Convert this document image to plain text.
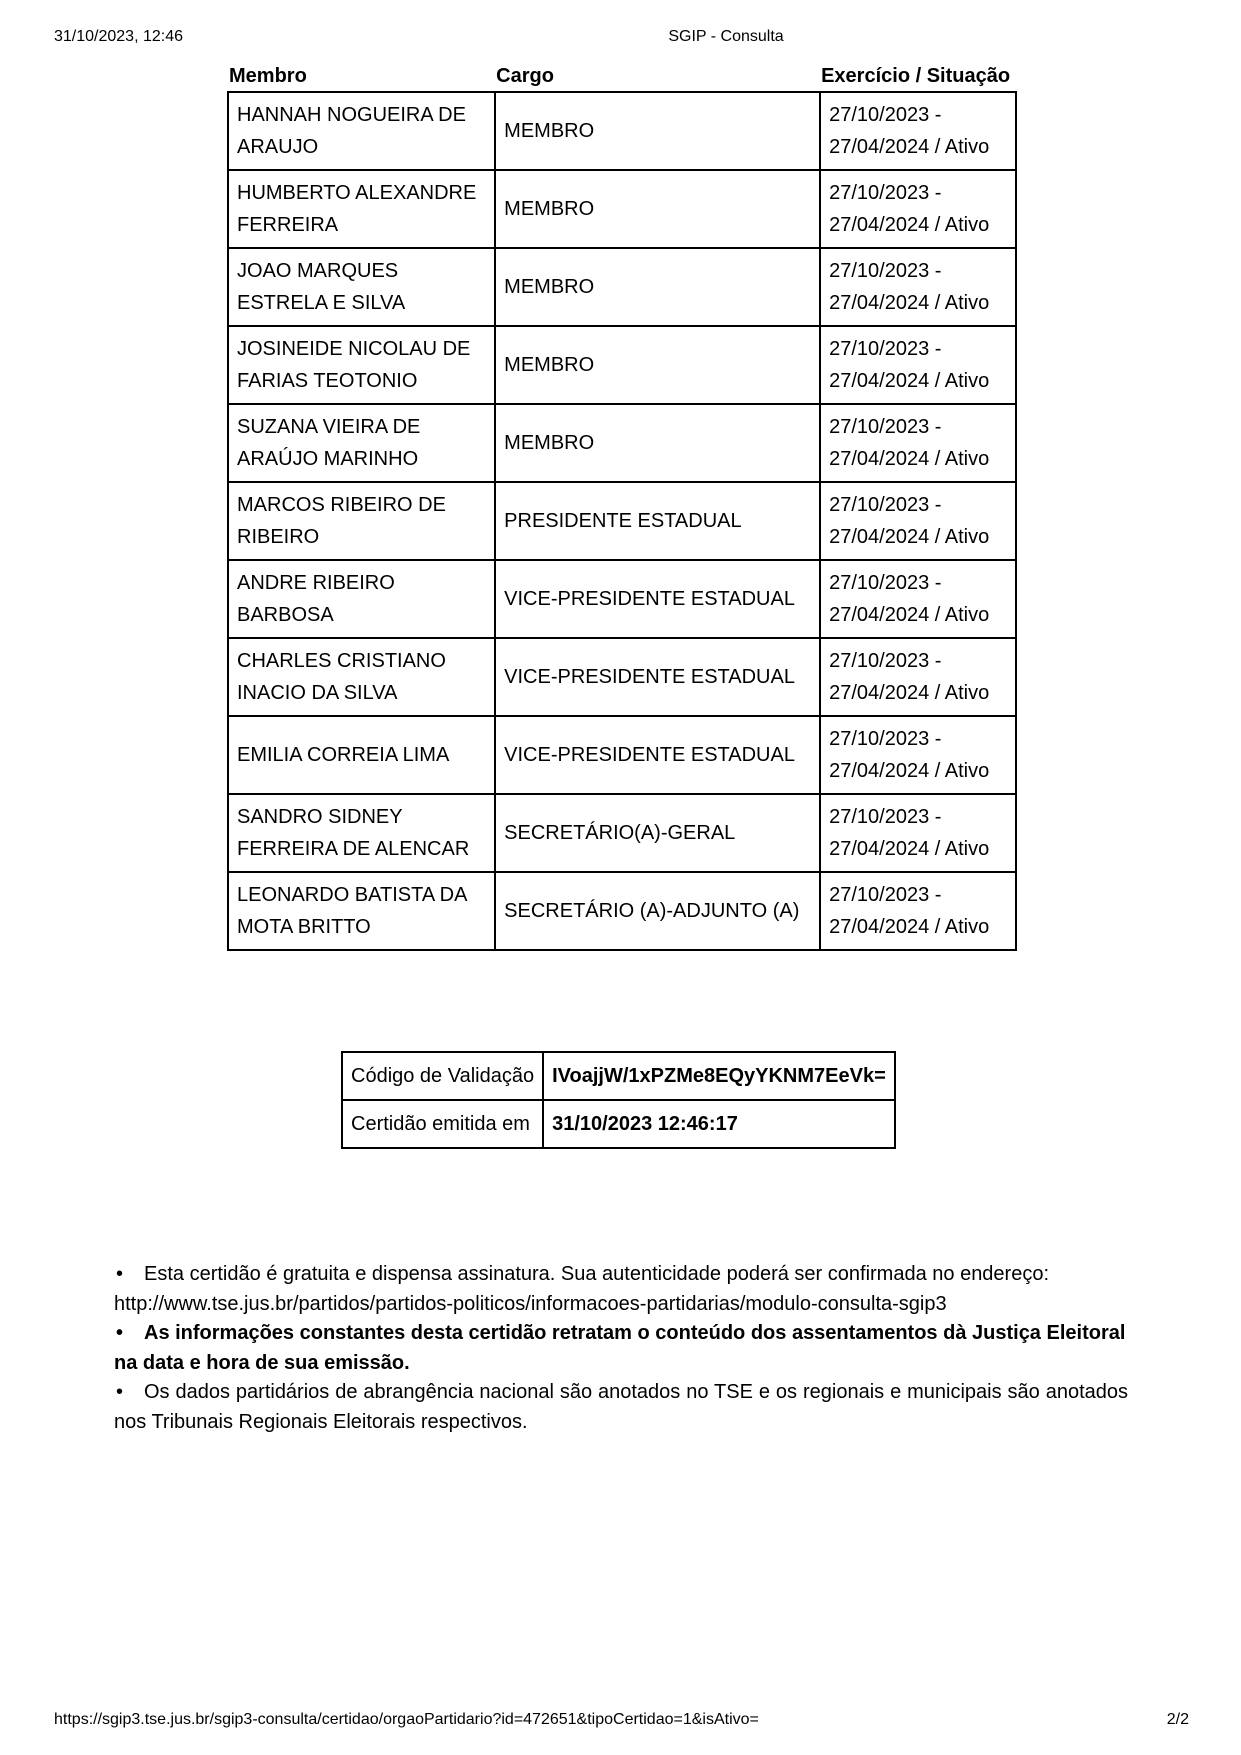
31/10/2023, 12:46	SGIP - Consulta
Membro	Cargo	Exercício / Situação
HANNAH NOGUEIRA DE ARAUJO	MEMBRO	27/10/2023 - 27/04/2024 / Ativo
HUMBERTO ALEXANDRE FERREIRA	MEMBRO	27/10/2023 - 27/04/2024 / Ativo
JOAO MARQUES ESTRELA E SILVA	MEMBRO	27/10/2023 - 27/04/2024 / Ativo
JOSINEIDE NICOLAU DE FARIAS TEOTONIO	MEMBRO	27/10/2023 - 27/04/2024 / Ativo
SUZANA VIEIRA DE ARAÚJO MARINHO	MEMBRO	27/10/2023 - 27/04/2024 / Ativo
MARCOS RIBEIRO DE RIBEIRO	PRESIDENTE ESTADUAL	27/10/2023 - 27/04/2024 / Ativo
ANDRE RIBEIRO BARBOSA	VICE-PRESIDENTE ESTADUAL	27/10/2023 - 27/04/2024 / Ativo
CHARLES CRISTIANO INACIO DA SILVA	VICE-PRESIDENTE ESTADUAL	27/10/2023 - 27/04/2024 / Ativo
EMILIA CORREIA LIMA	VICE-PRESIDENTE ESTADUAL	27/10/2023 - 27/04/2024 / Ativo
SANDRO SIDNEY FERREIRA DE ALENCAR	SECRETÁRIO(A)-GERAL	27/10/2023 - 27/04/2024 / Ativo
LEONARDO BATISTA DA MOTA BRITTO	SECRETÁRIO (A)-ADJUNTO (A)	27/10/2023 - 27/04/2024 / Ativo
Código de Validação	IVoajjW/1xPZMe8EQyYKNM7EeVk=
Certidão emitida em	31/10/2023 12:46:17

• Esta certidão é gratuita e dispensa assinatura. Sua autenticidade poderá ser confirmada no endereço:
http://www.tse.jus.br/partidos/partidos-politicos/informacoes-partidarias/modulo-consulta-sgip3

• As informações constantes desta certidão retratam o conteúdo dos assentamentos dà Justiça Eleitoral na data e hora de sua emissão.

• Os dados partidários de abrangência nacional são anotados no TSE e os regionais e municipais são anotados nos Tribunais Regionais Eleitorais respectivos.

https://sgip3.tse.jus.br/sgip3-consulta/certidao/orgaoPartidario?id=472651&tipoCertidao=1&isAtivo=	2/2
